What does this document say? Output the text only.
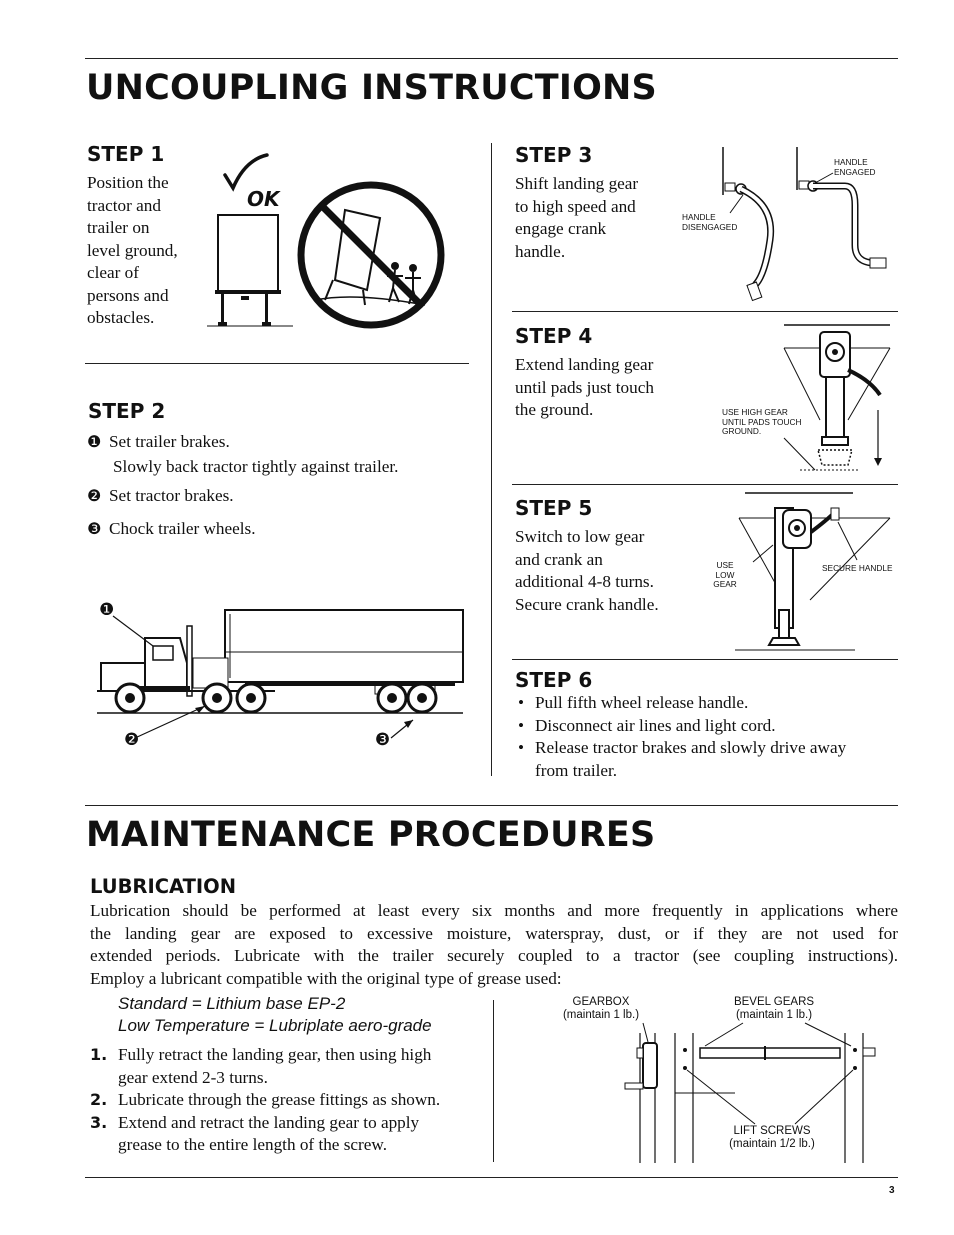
UNCOUPLING INSTRUCTIONS
STEP 1
Position the
tractor and
trailer on
level ground,
clear of
persons and
obstacles.
OK
STEP 2
❶ Set trailer brakes.
Slowly back tractor tightly against trailer.
❷ Set tractor brakes.
❸ Chock trailer wheels.
❶
❷	❸
STEP 3
Shift landing gear
to high speed and
engage crank
handle.
HANDLE
DISENGAGED
HANDLE
ENGAGED
STEP 4
Extend landing gear
until pads just touch
the ground.	USE HIGH GEAR
UNTIL PADS TOUCH
GROUND.
STEP 5
Switch to low gear
and crank an
additional 4-8 turns.
Secure crank handle.
USE
LOW
GEAR
SECURE HANDLE
STEP 6
• Pull fifth wheel release handle.
• Disconnect air lines and light cord.
• Release tractor brakes and slowly drive away
from trailer.
MAINTENANCE PROCEDURES
LUBRICATION
Lubrication should be performed at least every six months and more frequently in applications where
the landing gear are exposed to excessive moisture, waterspray, dust, or if they are not used for
extended periods. Lubricate with the trailer securely coupled to a tractor (see coupling instructions).
Employ a lubricant compatible with the original type of grease used:
Standard = Lithium base EP-2
Low Temperature = Lubriplate aero-grade
1. Fully retract the landing gear, then using high
gear extend 2-3 turns.
2. Lubricate through the grease fittings as shown.
3. Extend and retract the landing gear to apply
grease to the entire length of the screw.
GEARBOX
(maintain 1 lb.)
BEVEL GEARS
(maintain 1 lb.)
LIFT SCREWS
(maintain 1/2 lb.)
3
